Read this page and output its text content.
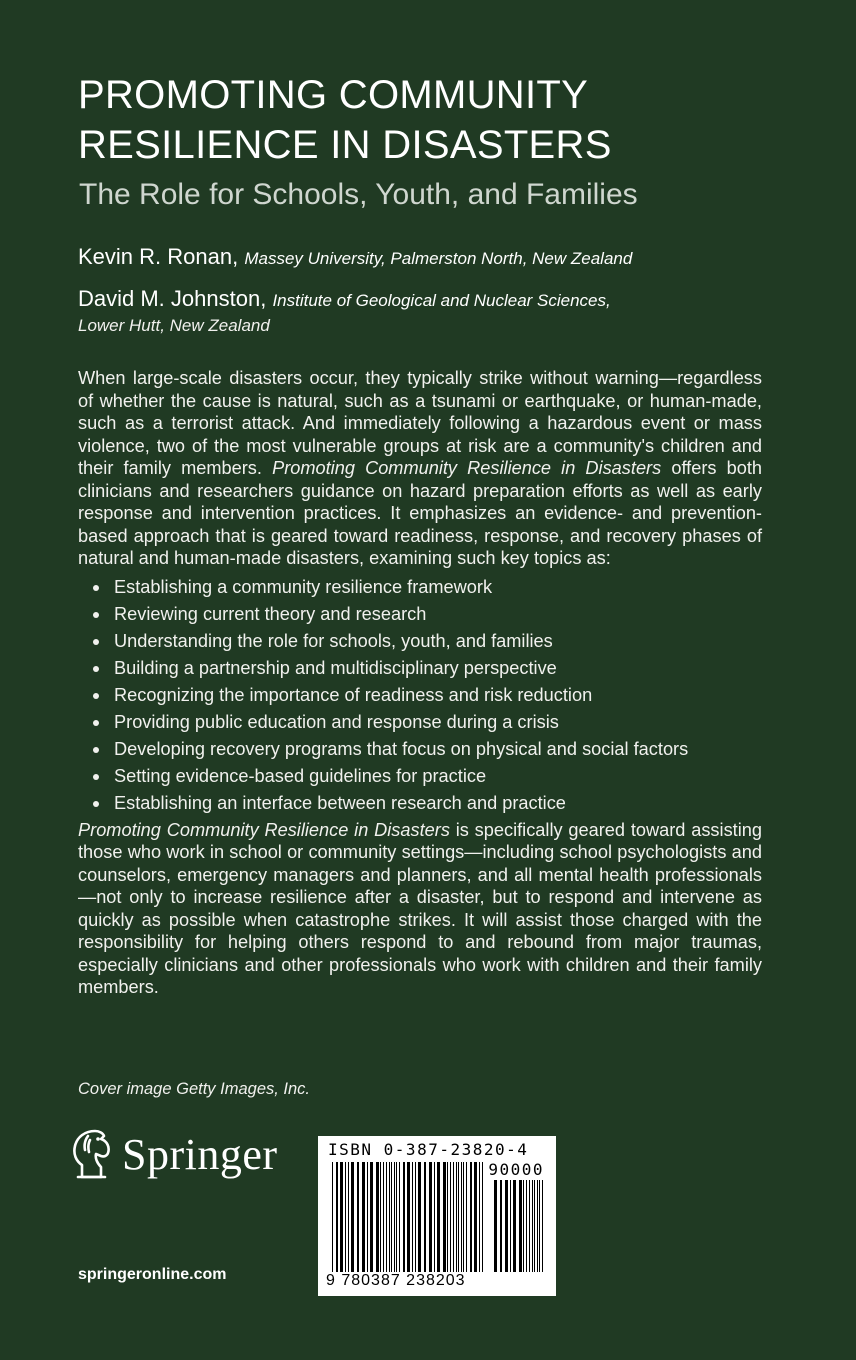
PROMOTING COMMUNITY
RESILIENCE IN DISASTERS
The Role for Schools, Youth, and Families
Kevin R. Ronan, Massey University, Palmerston North, New Zealand
David M. Johnston, Institute of Geological and Nuclear Sciences,
Lower Hutt, New Zealand

When large-scale disasters occur, they typically strike without warning—regardless of whether the cause is natural, such as a tsunami or earthquake, or human-made, such as a terrorist attack. And immediately following a hazardous event or mass violence, two of the most vulnerable groups at risk are a community's children and their family members. Promoting Community Resilience in Disasters offers both clinicians and researchers guidance on hazard preparation efforts as well as early response and intervention practices. It emphasizes an evidence- and prevention-based approach that is geared toward readiness, response, and recovery phases of natural and human-made disasters, examining such key topics as:

Establishing a community resilience framework
Reviewing current theory and research
Understanding the role for schools, youth, and families
Building a partnership and multidisciplinary perspective
Recognizing the importance of readiness and risk reduction
Providing public education and response during a crisis
Developing recovery programs that focus on physical and social factors
Setting evidence-based guidelines for practice
Establishing an interface between research and practice

Promoting Community Resilience in Disasters is specifically geared toward assisting those who work in school or community settings—including school psychologists and counselors, emergency managers and planners, and all mental health professionals—not only to increase resilience after a disaster, but to respond and intervene as quickly as possible when catastrophe strikes. It will assist those charged with the responsibility for helping others respond to and rebound from major traumas, especially clinicians and other professionals who work with children and their family members.

Cover image Getty Images, Inc.
Springer
springeronline.com
ISBN 0-387-23820-4
90000
9 780387 238203
